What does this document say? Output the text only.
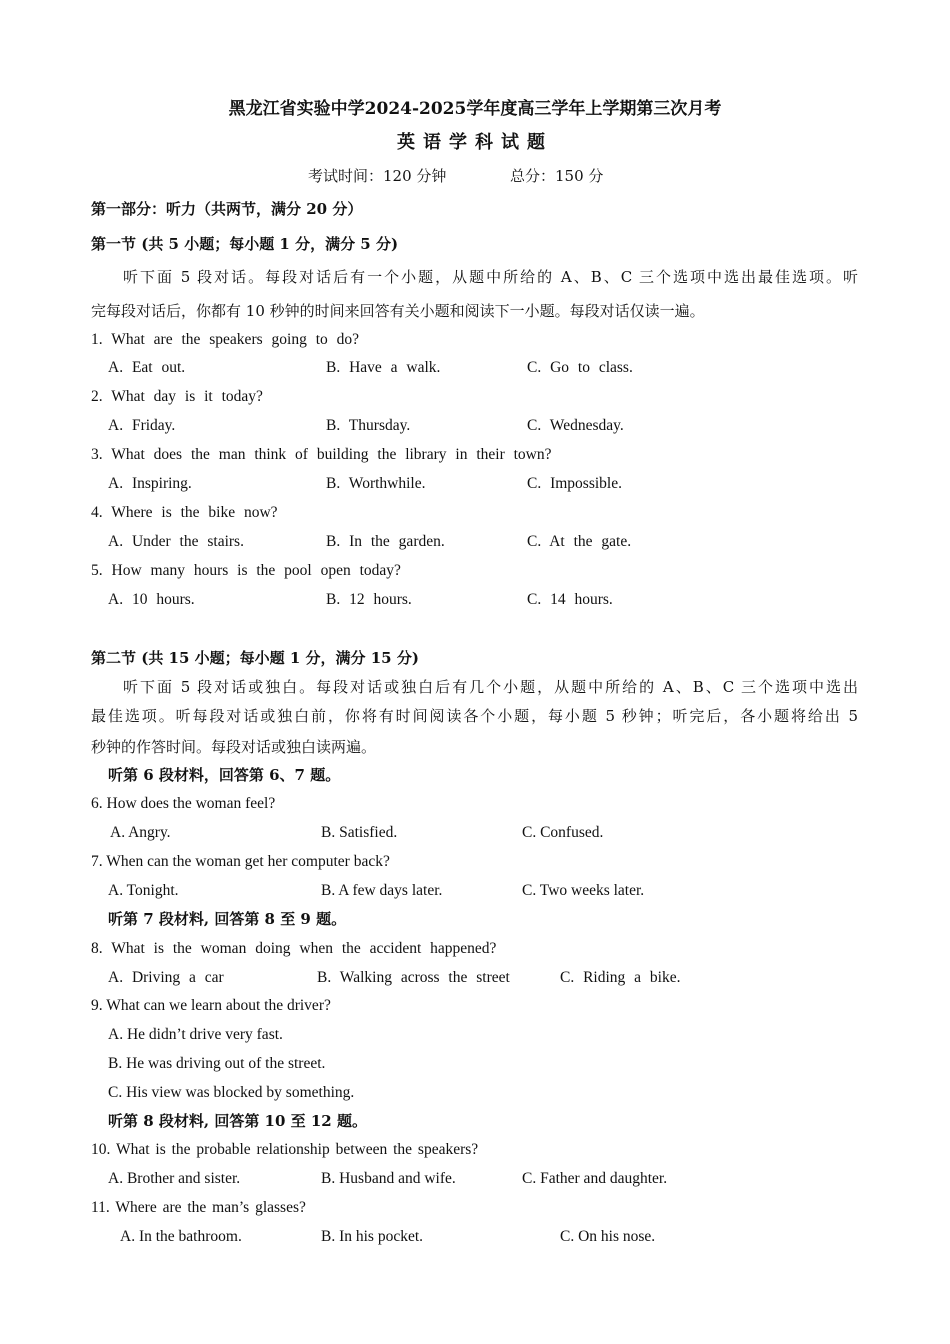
黑龙江省实验中学2024-2025学年度高三学年上学期第三次月考
英语学科试题
考试时间：120 分钟	总分：150 分
第一部分：听力（共两节，满分 20 分）
第一节 (共 5 小题；每小题 1 分，满分 5 分)
听下面 5 段对话。每段对话后有一个小题，从题中所给的 A、B、C 三个选项中选出最佳选项。听
完每段对话后，你都有 10 秒钟的时间来回答有关小题和阅读下一小题。每段对话仅读一遍。
1. What are the speakers going to do?
A. Eat out.	B. Have a walk.	C. Go to class.
2. What day is it today?
A. Friday.	B. Thursday.	C. Wednesday.
3. What does the man think of building the library in their town?
A. Inspiring.	B. Worthwhile.	C. Impossible.
4. Where is the bike now?
A. Under the stairs.	B. In the garden.	C. At the gate.
5. How many hours is the pool open today?
A. 10 hours.	B. 12 hours.	C. 14 hours.
第二节 (共 15 小题；每小题 1 分，满分 15 分)
听下面 5 段对话或独白。每段对话或独白后有几个小题，从题中所给的 A、B、C 三个选项中选出
最佳选项。听每段对话或独白前，你将有时间阅读各个小题，每小题 5 秒钟；听完后，各小题将给出 5
秒钟的作答时间。每段对话或独白读两遍。
听第 6 段材料，回答第 6、7 题。
6. How does the woman feel?
A. Angry.	B. Satisfied.	C. Confused.
7. When can the woman get her computer back?
A. Tonight.	B. A few days later.	C. Two weeks later.
听第 7 段材料, 回答第 8 至 9 题。
8. What is the woman doing when the accident happened?
A. Driving a car	B. Walking across the street	C. Riding a bike.
9. What can we learn about the driver?
A. He didn’t drive very fast.
B. He was driving out of the street.
C. His view was blocked by something.
听第 8 段材料, 回答第 10 至 12 题。
10. What is the probable relationship between the speakers?
A. Brother and sister.	B. Husband and wife.	C. Father and daughter.
11. Where are the man’s glasses?
A. In the bathroom.	B. In his pocket.	C. On his nose.
